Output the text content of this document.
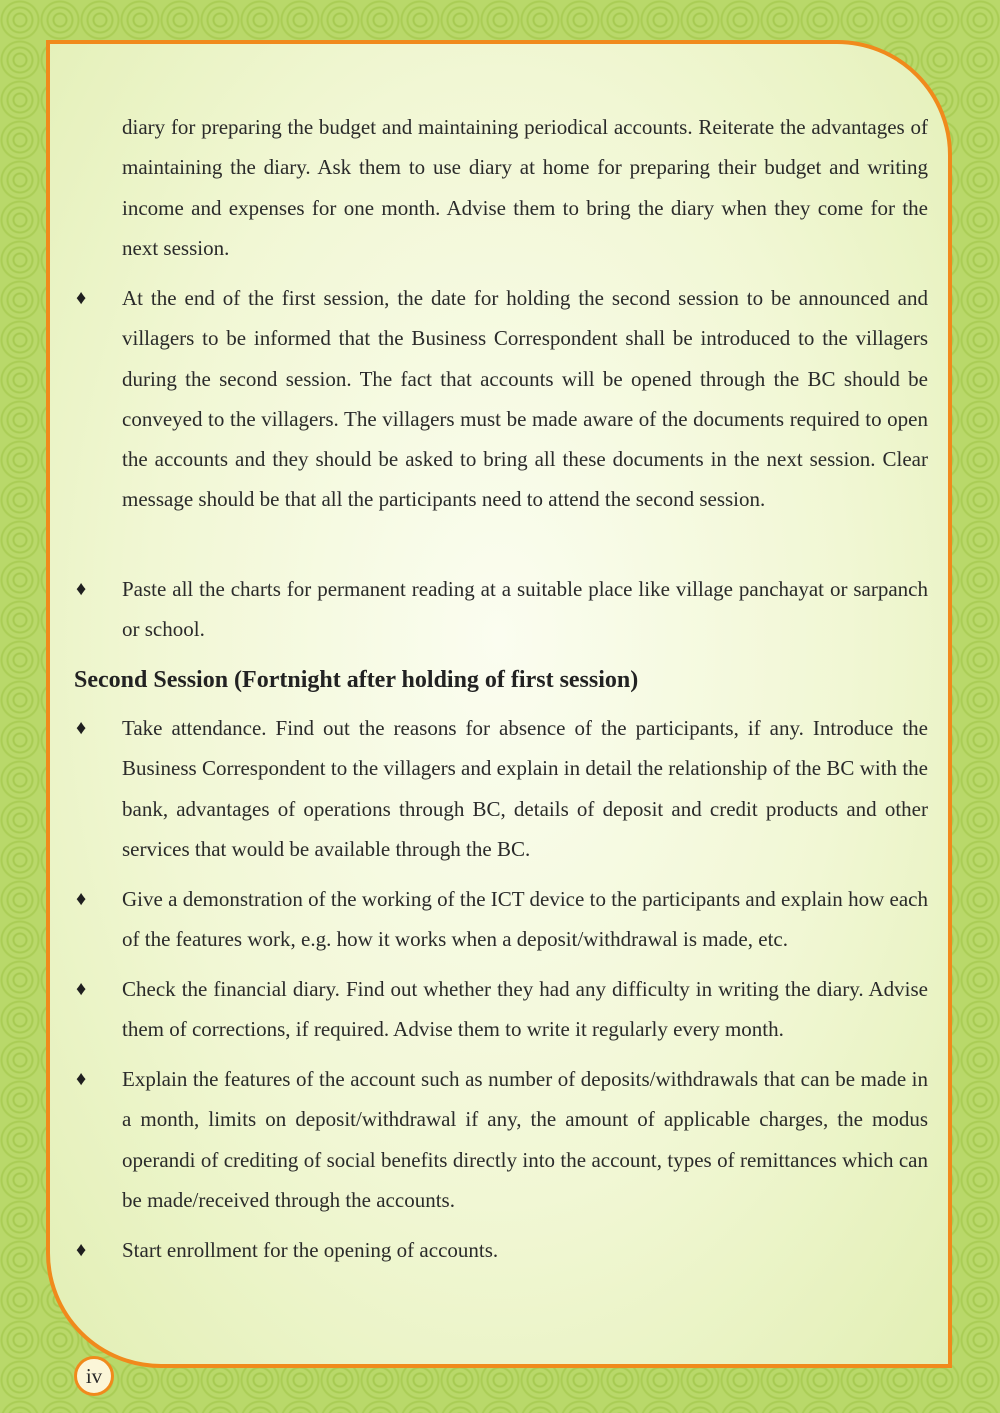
diary for preparing the budget and maintaining periodical accounts. Reiterate the advantages of maintaining the diary. Ask them to use diary at home for preparing their budget and writing income and expenses for one month. Advise them to bring the diary when they come for the next session.

♦ At the end of the first session, the date for holding the second session to be announced and villagers to be informed that the Business Correspondent shall be introduced to the villagers during the second session. The fact that accounts will be opened through the BC should be conveyed to the villagers. The villagers must be made aware of the documents required to open the accounts and they should be asked to bring all these documents in the next session. Clear message should be that all the participants need to attend the second session.

♦ Paste all the charts for permanent reading at a suitable place like village panchayat or sarpanch or school.

Second Session (Fortnight after holding of first session)
♦ Take attendance. Find out the reasons for absence of the participants, if any. Introduce the Business Correspondent to the villagers and explain in detail the relationship of the BC with the bank, advantages of operations through BC, details of deposit and credit products and other services that would be available through the BC.

♦ Give a demonstration of the working of the ICT device to the participants and explain how each of the features work, e.g. how it works when a deposit/withdrawal is made, etc.

♦ Check the financial diary. Find out whether they had any difficulty in writing the diary. Advise them of corrections, if required. Advise them to write it regularly every month.

♦ Explain the features of the account such as number of deposits/withdrawals that can be made in a month, limits on deposit/withdrawal if any, the amount of applicable charges, the modus operandi of crediting of social benefits directly into the account, types of remittances which can be made/received through the accounts.

♦ Start enrollment for the opening of accounts.

iv
